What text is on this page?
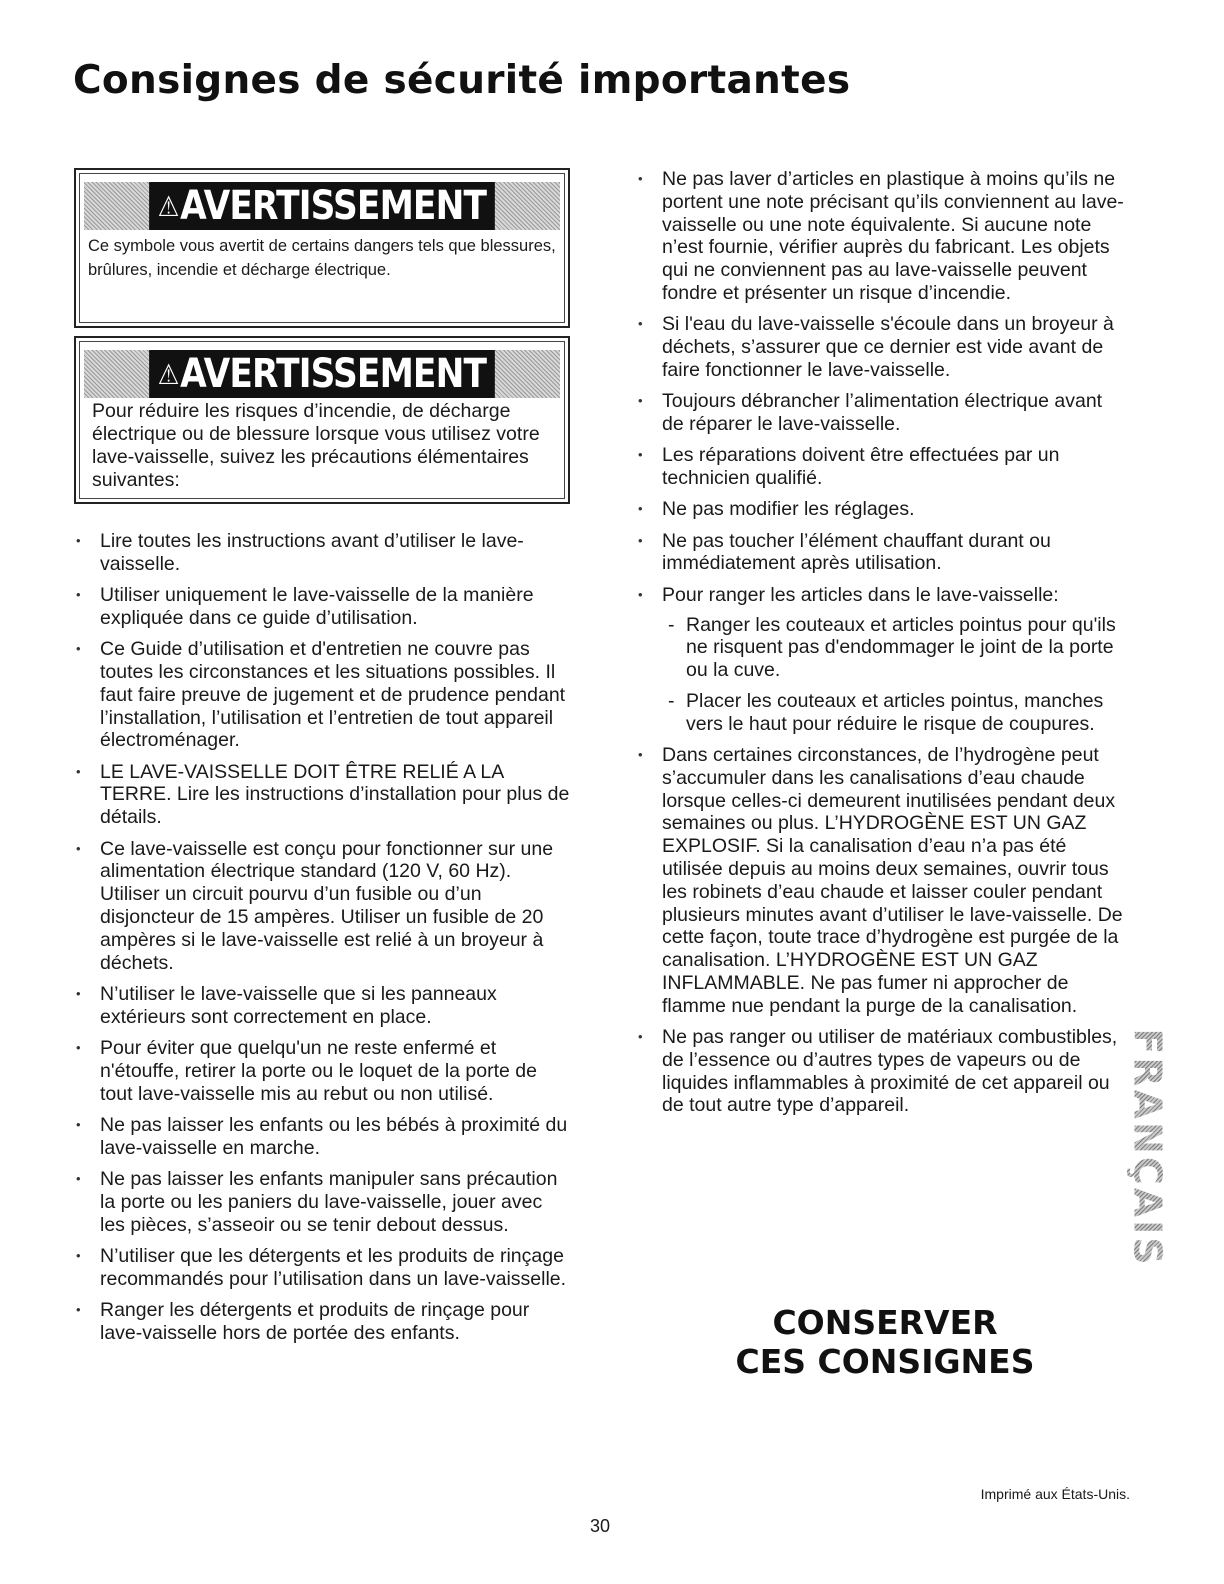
Consignes de sécurité importantes
⚠ AVERTISSEMENT
Ce symbole vous avertit de certains dangers tels que blessures, brûlures, incendie et décharge électrique.
⚠ AVERTISSEMENT
Pour réduire les risques d’incendie, de décharge électrique ou de blessure lorsque vous utilisez votre lave-vaisselle, suivez les précautions élémentaires suivantes:
• Lire toutes les instructions avant d’utiliser le lave-vaisselle.
• Utiliser uniquement le lave-vaisselle de la manière expliquée dans ce guide d’utilisation.
• Ce Guide d’utilisation et d'entretien ne couvre pas toutes les circonstances et les situations possibles. Il faut faire preuve de jugement et de prudence pendant l’installation, l’utilisation et l’entretien de tout appareil électroménager.
• LE LAVE-VAISSELLE DOIT ÊTRE RELIÉ A LA TERRE. Lire les instructions d’installation pour plus de détails.
• Ce lave-vaisselle est conçu pour fonctionner sur une alimentation électrique standard (120 V, 60 Hz). Utiliser un circuit pourvu d’un fusible ou d’un disjoncteur de 15 ampères. Utiliser un fusible de 20 ampères si le lave-vaisselle est relié à un broyeur à déchets.
• N’utiliser le lave-vaisselle que si les panneaux extérieurs sont correctement en place.
• Pour éviter que quelqu'un ne reste enfermé et n'étouffe, retirer la porte ou le loquet de la porte de tout lave-vaisselle mis au rebut ou non utilisé.
• Ne pas laisser les enfants ou les bébés à proximité du lave-vaisselle en marche.
• Ne pas laisser les enfants manipuler sans précaution la porte ou les paniers du lave-vaisselle, jouer avec les pièces, s’asseoir ou se tenir debout dessus.
• N’utiliser que les détergents et les produits de rinçage recommandés pour l’utilisation dans un lave-vaisselle.
• Ranger les détergents et produits de rinçage pour lave-vaisselle hors de portée des enfants.
• Ne pas laver d’articles en plastique à moins qu’ils ne portent une note précisant qu’ils conviennent au lave-vaisselle ou une note équivalente. Si aucune note n’est fournie, vérifier auprès du fabricant. Les objets qui ne conviennent pas au lave-vaisselle peuvent fondre et présenter un risque d’incendie.
• Si l'eau du lave-vaisselle s'écoule dans un broyeur à déchets, s’assurer que ce dernier est vide avant de faire fonctionner le lave-vaisselle.
• Toujours débrancher l’alimentation électrique avant de réparer le lave-vaisselle.
• Les réparations doivent être effectuées par un technicien qualifié.
• Ne pas modifier les réglages.
• Ne pas toucher l’élément chauffant durant ou immédiatement après utilisation.
• Pour ranger les articles dans le lave-vaisselle:
- Ranger les couteaux et articles pointus pour qu'ils ne risquent pas d'endommager le joint de la porte ou la cuve.
- Placer les couteaux et articles pointus, manches vers le haut pour réduire le risque de coupures.
• Dans certaines circonstances, de l’hydrogène peut s’accumuler dans les canalisations d’eau chaude lorsque celles-ci demeurent inutilisées pendant deux semaines ou plus. L’HYDROGÈNE EST UN GAZ EXPLOSIF. Si la canalisation d’eau n’a pas été utilisée depuis au moins deux semaines, ouvrir tous les robinets d’eau chaude et laisser couler pendant plusieurs minutes avant d’utiliser le lave-vaisselle. De cette façon, toute trace d’hydrogène est purgée de la canalisation. L’HYDROGÈNE EST UN GAZ INFLAMMABLE. Ne pas fumer ni approcher de flamme nue pendant la purge de la canalisation.
• Ne pas ranger ou utiliser de matériaux combustibles, de l’essence ou d’autres types de vapeurs ou de liquides inflammables à proximité de cet appareil ou de tout autre type d’appareil.
CONSERVER
CES CONSIGNES
FRANÇAIS
Imprimé aux États-Unis.
30
